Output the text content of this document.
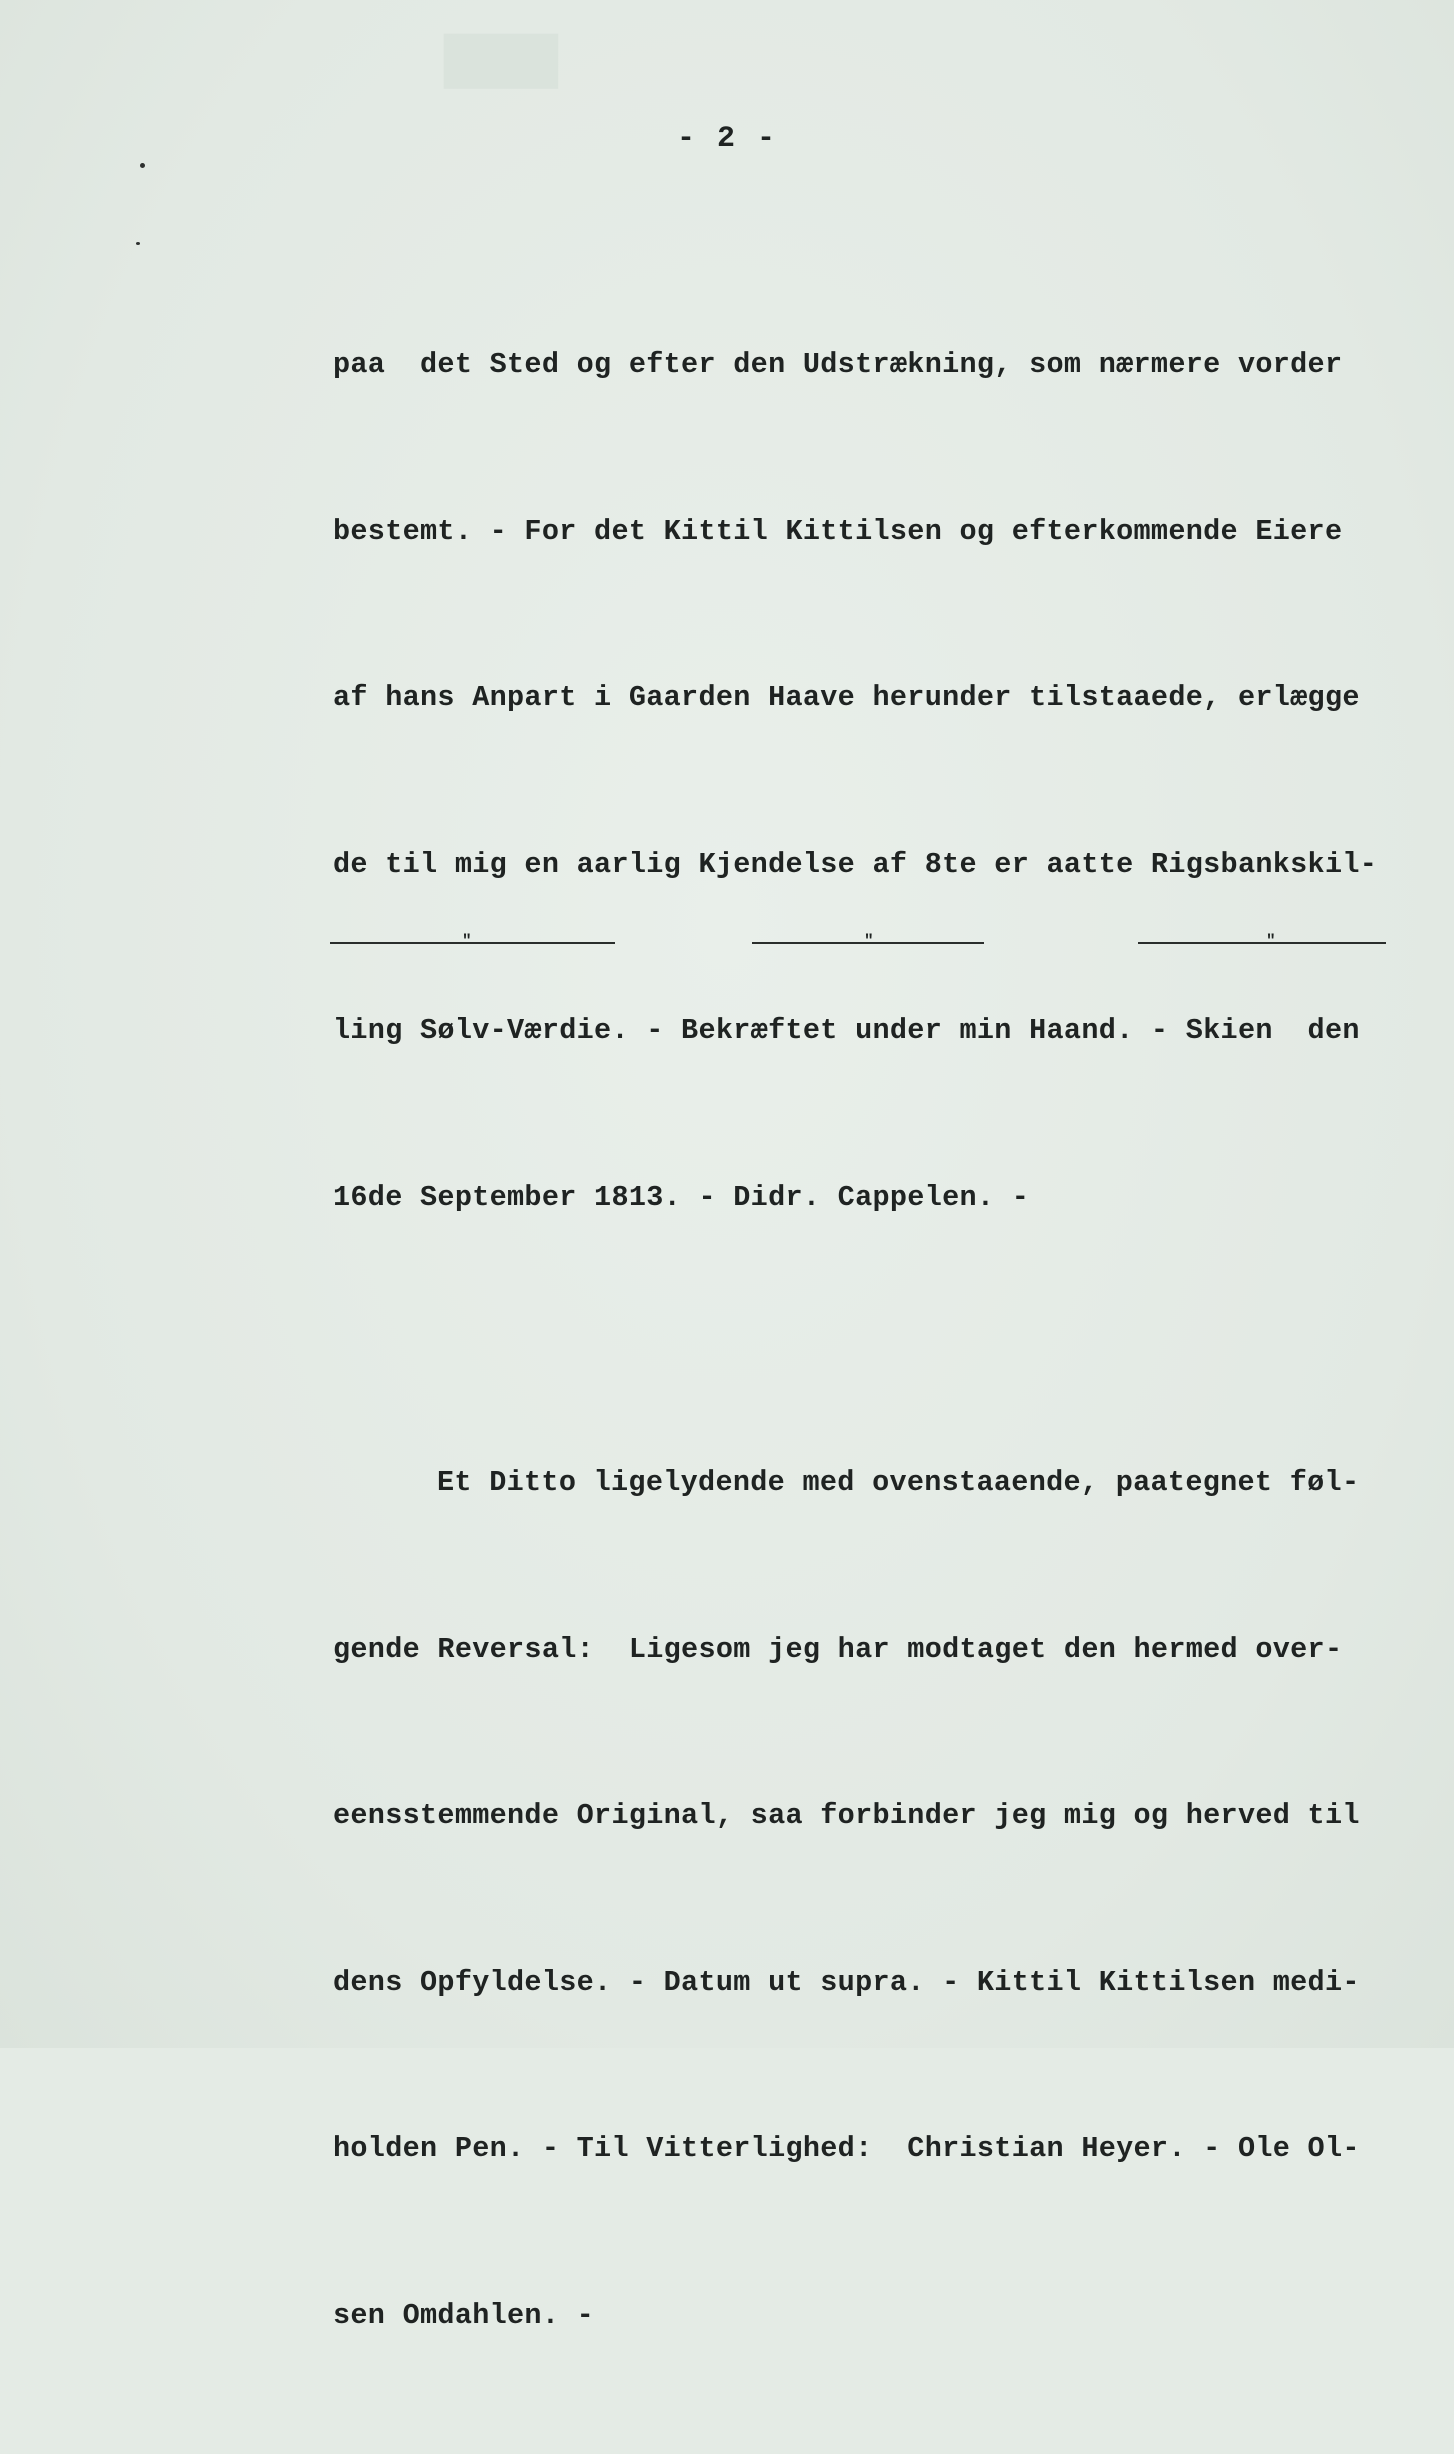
▮
- 2 -

paa  det Sted og efter den Udstrækning, som nærmere vorder

bestemt. - For det Kittil Kittilsen og efterkommende Eiere

af hans Anpart i Gaarden Haave herunder tilstaaede, erlægge

de til mig en aarlig Kjendelse af 8te er aatte Rigsbankskil-

ling Sølv-Værdie. - Bekræftet under min Haand. - Skien  den

16de September 1813. - Didr. Cappelen. -

Et Ditto ligelydende med ovenstaaende, paategnet føl-

gende Reversal:  Ligesom jeg har modtaget den hermed over-

eensstemmende Original, saa forbinder jeg mig og herved til

dens Opfyldelse. - Datum ut supra. - Kittil Kittilsen medi-

holden Pen. - Til Vitterlighed:  Christian Heyer. - Ole Ol-

sen Omdahlen. -

"	"	"
